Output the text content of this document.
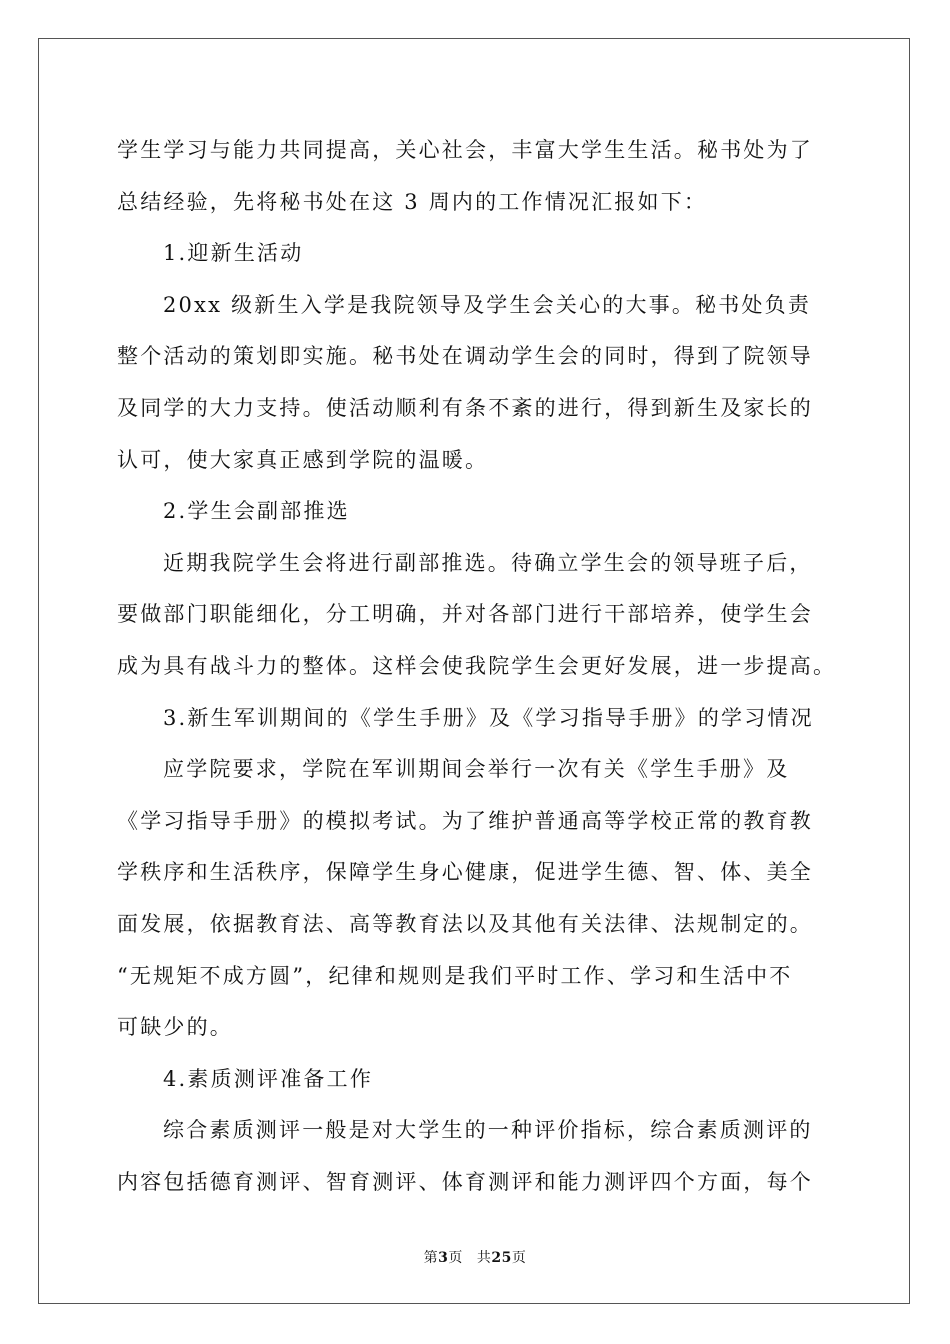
学生学习与能力共同提高，关心社会，丰富大学生生活。秘书处为了
总结经验，先将秘书处在这 3 周内的工作情况汇报如下：
1.迎新生活动
20xx 级新生入学是我院领导及学生会关心的大事。秘书处负责
整个活动的策划即实施。秘书处在调动学生会的同时，得到了院领导
及同学的大力支持。使活动顺利有条不紊的进行，得到新生及家长的
认可，使大家真正感到学院的温暖。
2.学生会副部推选
近期我院学生会将进行副部推选。待确立学生会的领导班子后，
要做部门职能细化，分工明确，并对各部门进行干部培养，使学生会
成为具有战斗力的整体。这样会使我院学生会更好发展，进一步提高。
3.新生军训期间的《学生手册》及《学习指导手册》的学习情况
应学院要求，学院在军训期间会举行一次有关《学生手册》及
《学习指导手册》的模拟考试。为了维护普通高等学校正常的教育教
学秩序和生活秩序，保障学生身心健康，促进学生德、智、体、美全
面发展，依据教育法、高等教育法以及其他有关法律、法规制定的。
“无规矩不成方圆”，纪律和规则是我们平时工作、学习和生活中不
可缺少的。
4.素质测评准备工作
综合素质测评一般是对大学生的一种评价指标，综合素质测评的
内容包括德育测评、智育测评、体育测评和能力测评四个方面，每个
第3页 共25页
